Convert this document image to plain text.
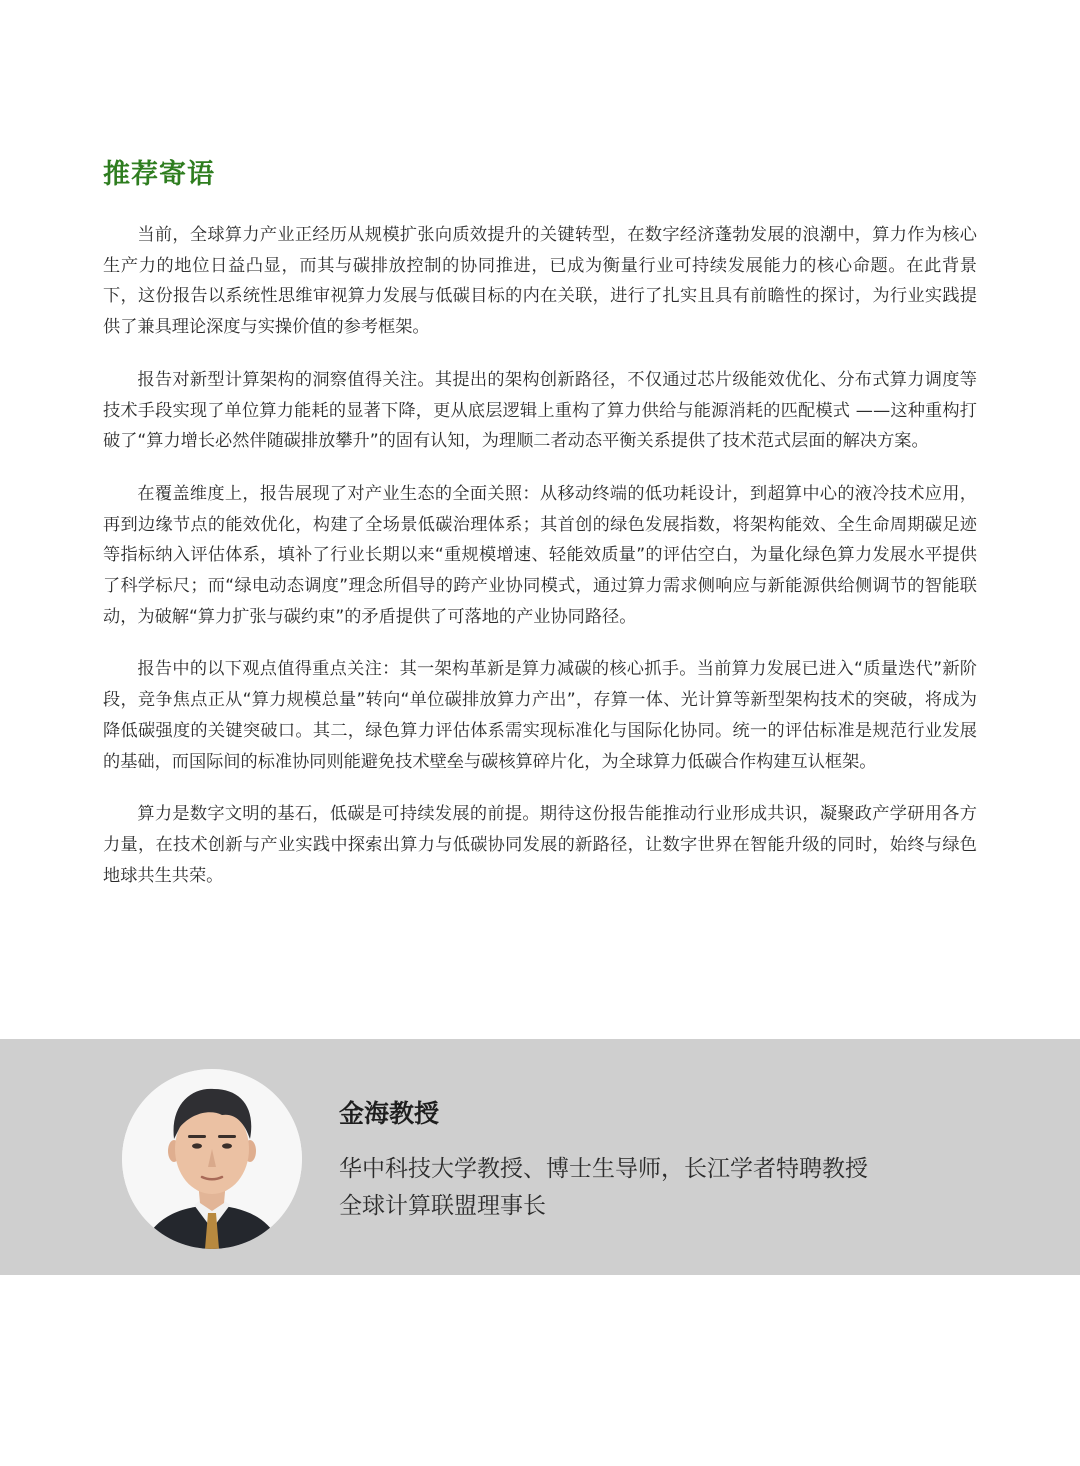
推荐寄语

当前，全球算力产业正经历从规模扩张向质效提升的关键转型，在数字经济蓬勃发展的浪潮中，算力作为核心生产力的地位日益凸显，而其与碳排放控制的协同推进，已成为衡量行业可持续发展能力的核心命题。在此背景下，这份报告以系统性思维审视算力发展与低碳目标的内在关联，进行了扎实且具有前瞻性的探讨，为行业实践提供了兼具理论深度与实操价值的参考框架。

报告对新型计算架构的洞察值得关注。其提出的架构创新路径，不仅通过芯片级能效优化、分布式算力调度等技术手段实现了单位算力能耗的显著下降，更从底层逻辑上重构了算力供给与能源消耗的匹配模式 ——这种重构打破了“算力增长必然伴随碳排放攀升”的固有认知，为理顺二者动态平衡关系提供了技术范式层面的解决方案。

在覆盖维度上，报告展现了对产业生态的全面关照：从移动终端的低功耗设计，到超算中心的液冷技术应用，再到边缘节点的能效优化，构建了全场景低碳治理体系；其首创的绿色发展指数，将架构能效、全生命周期碳足迹等指标纳入评估体系，填补了行业长期以来“重规模增速、轻能效质量”的评估空白，为量化绿色算力发展水平提供了科学标尺；而“绿电动态调度”理念所倡导的跨产业协同模式，通过算力需求侧响应与新能源供给侧调节的智能联动，为破解“算力扩张与碳约束”的矛盾提供了可落地的产业协同路径。

报告中的以下观点值得重点关注：其一架构革新是算力减碳的核心抓手。当前算力发展已进入“质量迭代”新阶段，竞争焦点正从“算力规模总量”转向“单位碳排放算力产出”，存算一体、光计算等新型架构技术的突破，将成为降低碳强度的关键突破口。其二，绿色算力评估体系需实现标准化与国际化协同。统一的评估标准是规范行业发展的基础，而国际间的标准协同则能避免技术壁垒与碳核算碎片化，为全球算力低碳合作构建互认框架。

算力是数字文明的基石，低碳是可持续发展的前提。期待这份报告能推动行业形成共识，凝聚政产学研用各方力量，在技术创新与产业实践中探索出算力与低碳协同发展的新路径，让数字世界在智能升级的同时，始终与绿色地球共生共荣。

金海教授

华中科技大学教授、博士生导师，长江学者特聘教授

全球计算联盟理事长
